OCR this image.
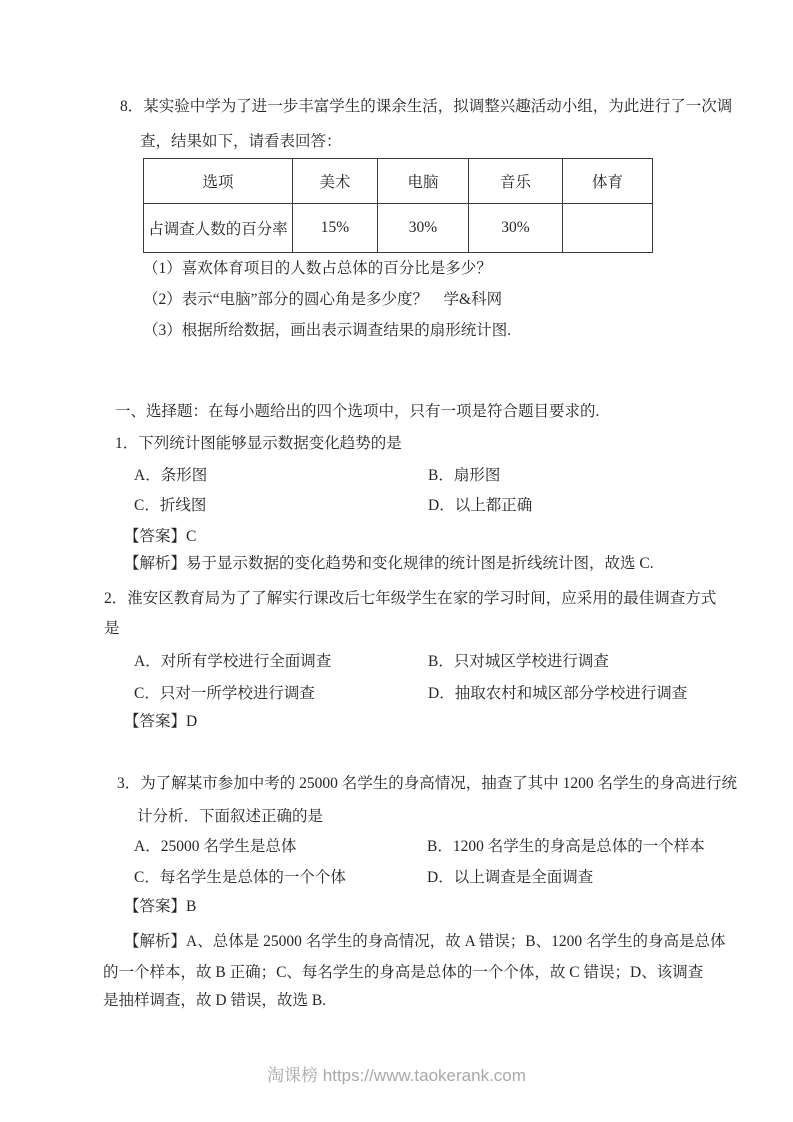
8．某实验中学为了进一步丰富学生的课余生活，拟调整兴趣活动小组，为此进行了一次调
查，结果如下，请看表回答：
选项	美术	电脑	音乐	体育
占调查人数的百分率	15%	30%	30%	
（1）喜欢体育项目的人数占总体的百分比是多少？
（2）表示“电脑”部分的圆心角是多少度？　学&科网
（3）根据所给数据，画出表示调查结果的扇形统计图.
一、选择题：在每小题给出的四个选项中，只有一项是符合题目要求的.
1．下列统计图能够显示数据变化趋势的是
A．条形图	B．扇形图
C．折线图	D．以上都正确
【答案】C
【解析】易于显示数据的变化趋势和变化规律的统计图是折线统计图，故选 C.
2．淮安区教育局为了了解实行课改后七年级学生在家的学习时间，应采用的最佳调查方式
是
A．对所有学校进行全面调查	B．只对城区学校进行调查
C．只对一所学校进行调查	D．抽取农村和城区部分学校进行调查
【答案】D
3．为了解某市参加中考的 25000 名学生的身高情况，抽查了其中 1200 名学生的身高进行统
计分析．下面叙述正确的是
A．25000 名学生是总体	B．1200 名学生的身高是总体的一个样本
C．每名学生是总体的一个个体	D．以上调查是全面调查
【答案】B
【解析】A、总体是 25000 名学生的身高情况，故 A 错误；B、1200 名学生的身高是总体
的一个样本，故 B 正确；C、每名学生的身高是总体的一个个体，故 C 错误；D、该调查
是抽样调查，故 D 错误，故选 B.
淘课榜 https://www.taokerank.com
